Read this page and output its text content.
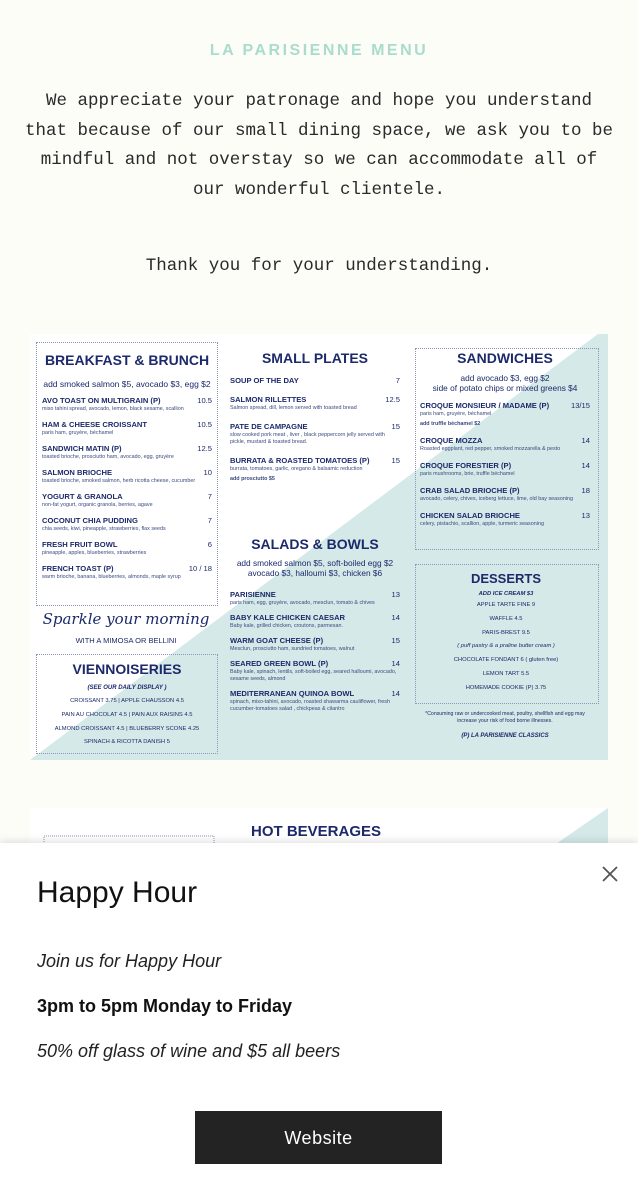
LA PARISIENNE MENU
We appreciate your patronage and hope you understand that because of our small dining space, we ask you to be mindful and not overstay so we can accommodate all of our wonderful clientele.
Thank you for your understanding.
BREAKFAST & BRUNCH
add smoked salmon $5, avocado $3, egg $2
AVO TOAST ON MULTIGRAIN (P)	10.5
miso tahini spread, avocado, lemon, black sesame, scallion
HAM & CHEESE CROISSANT	10.5
paris ham, gruyère, béchamel
SANDWICH MATIN (P)	12.5
toasted brioche, prosciutto ham, avocado, egg, gruyère
SALMON BRIOCHE	10
toasted brioche, smoked salmon, herb ricotta cheese, cucumber
YOGURT & GRANOLA	7
non-fat yogurt, organic granola, berries, agave
COCONUT CHIA PUDDING	7
chia seeds, kiwi, pineapple, strawberries, flax seeds
FRESH FRUIT BOWL	6
pineapple, apples, blueberries, strawberries
FRENCH TOAST (P)	10 / 18
warm brioche, banana, blueberries, almonds, maple syrup
Sparkle your morning
WITH A MIMOSA OR BELLINI
VIENNOISERIES
(SEE OUR DAILY DISPLAY )
CROISSANT 3.75 | APPLE CHAUSSON 4.5
PAIN AU CHOCOLAT 4.5 | PAIN AUX RAISINS 4.5
ALMOND CROISSANT 4.5 | BLUEBERRY SCONE 4.25
SPINACH & RICOTTA DANISH 5
SMALL PLATES
SOUP OF THE DAY	7
SALMON RILLETTES	12.5
Salmon spread, dill, lemon served with toasted bread
PATE DE CAMPAGNE	15
slow cooked pork meat , liver , black peppercorn jelly served with pickle, mustard & toasted bread.
BURRATA & ROASTED TOMATOES (P)	15
burrata, tomatoes, garlic, oregano & balsamic reduction
add prosciutto $5
SALADS & BOWLS
add smoked salmon $5, soft-boiled egg $2
avocado $3, halloumi $3, chicken $6
PARISIENNE	13
paris ham, egg, gruyère, avocado, mesclun, tomato & chives
BABY KALE CHICKEN CAESAR	14
Baby kale, grilled chicken, croutons, parmesan.
WARM GOAT CHEESE (P)	15
Mesclun, prosciutto ham, sundried tomatoes, walnut
SEARED GREEN BOWL (P)	14
Baby kale, spinach, lentils, soft-boiled egg, seared halloumi, avocado, sesame seeds, almond
MEDITERRANEAN QUINOA BOWL	14
spinach, miso-tahini, avocado, roasted shawarma cauliflower, fresh cucumber-tomatoes salad , chickpeas & cilantro
SANDWICHES
add avocado $3, egg $2
side of potato chips or mixed greens $4
CROQUE MONSIEUR / MADAME (P)	13/15
paris ham, gruyère, béchamel
add truffle béchamel $2
CROQUE MOZZA	14
Roasted eggplant, red pepper, smoked mozzarella & pesto
CROQUE FORESTIER (P)	14
paris mushrooms, brie, truffle béchamel
CRAB SALAD BRIOCHE (P)	18
avocado, celery, chives, iceberg lettuce, lime, old bay seasoning
CHICKEN SALAD BRIOCHE	13
celery, pistachio, scallion, apple, turmeric seasoning
DESSERTS
ADD ICE CREAM $3
APPLE TARTE FINE 9
WAFFLE 4.5
PARIS-BREST 9.5
( puff pastry & a praline butter cream )
CHOCOLATE FONDANT 6 ( gluten free)
LEMON TART 5.5
HOMEMADE COOKIE (P) 3.75
*Consuming raw or undercooked meat, poultry, shellfish and egg may increase your risk of food borne illnesses.
(P) LA PARISIENNE CLASSICS
HOT BEVERAGES
Happy Hour
Join us for Happy Hour
3pm to 5pm Monday to Friday
50% off glass of wine and $5 all beers
Website
